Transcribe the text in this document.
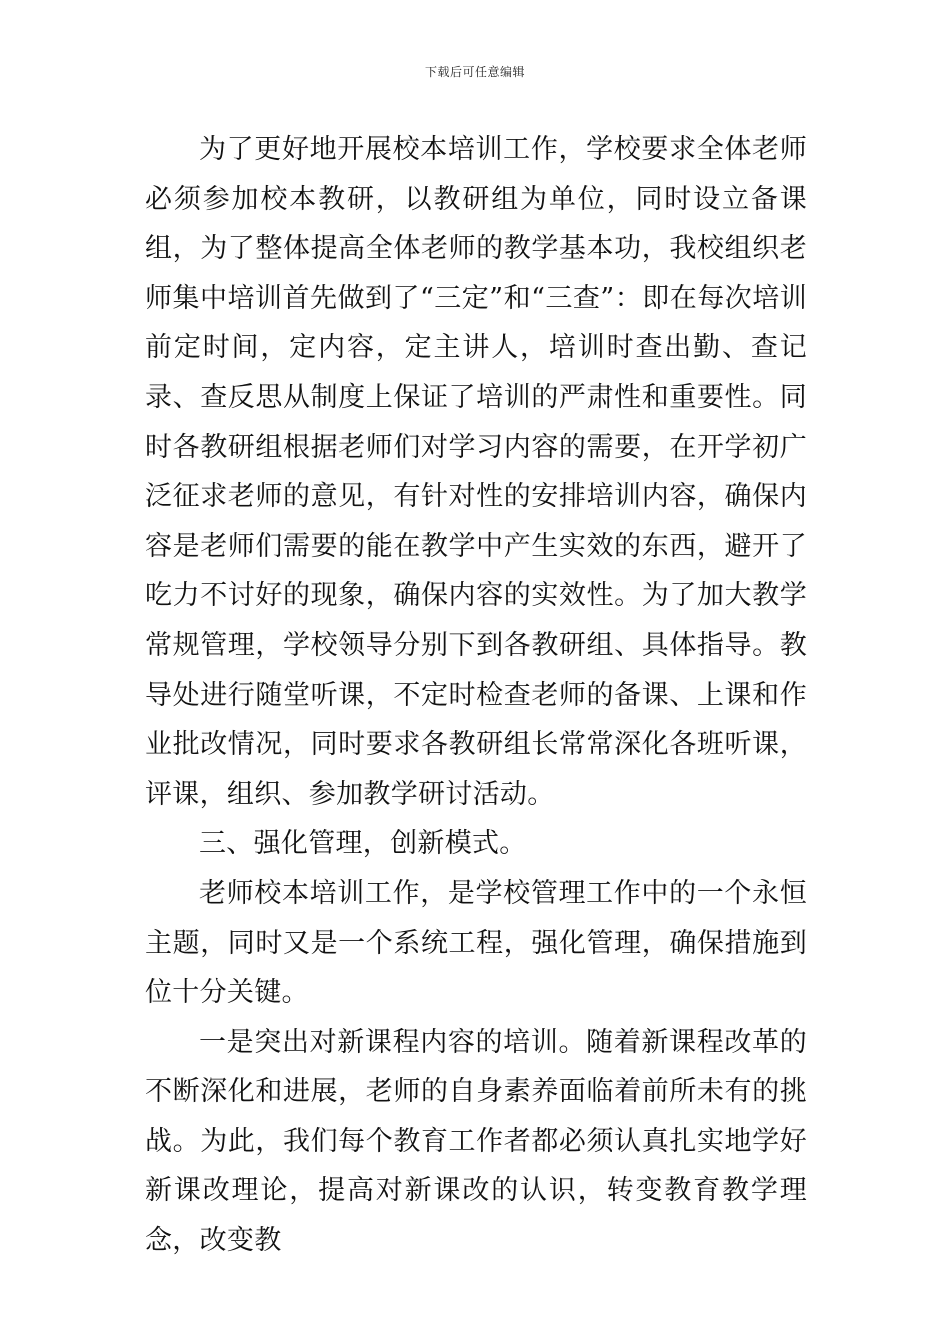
下载后可任意编辑

为了更好地开展校本培训工作，学校要求全体老师必须参加校本教研，以教研组为单位，同时设立备课组，为了整体提高全体老师的教学基本功，我校组织老师集中培训首先做到了“三定”和“三查”：即在每次培训前定时间，定内容，定主讲人，培训时查出勤、查记录、查反思从制度上保证了培训的严肃性和重要性。同时各教研组根据老师们对学习内容的需要，在开学初广泛征求老师的意见，有针对性的安排培训内容，确保内容是老师们需要的能在教学中产生实效的东西，避开了吃力不讨好的现象，确保内容的实效性。为了加大教学常规管理，学校领导分别下到各教研组、具体指导。教导处进行随堂听课，不定时检查老师的备课、上课和作业批改情况，同时要求各教研组长常常深化各班听课，评课，组织、参加教学研讨活动。

三、强化管理，创新模式。

老师校本培训工作，是学校管理工作中的一个永恒主题，同时又是一个系统工程，强化管理，确保措施到位十分关键。

一是突出对新课程内容的培训。随着新课程改革的不断深化和进展，老师的自身素养面临着前所未有的挑战。为此，我们每个教育工作者都必须认真扎实地学好新课改理论，提高对新课改的认识，转变教育教学理念，改变教
